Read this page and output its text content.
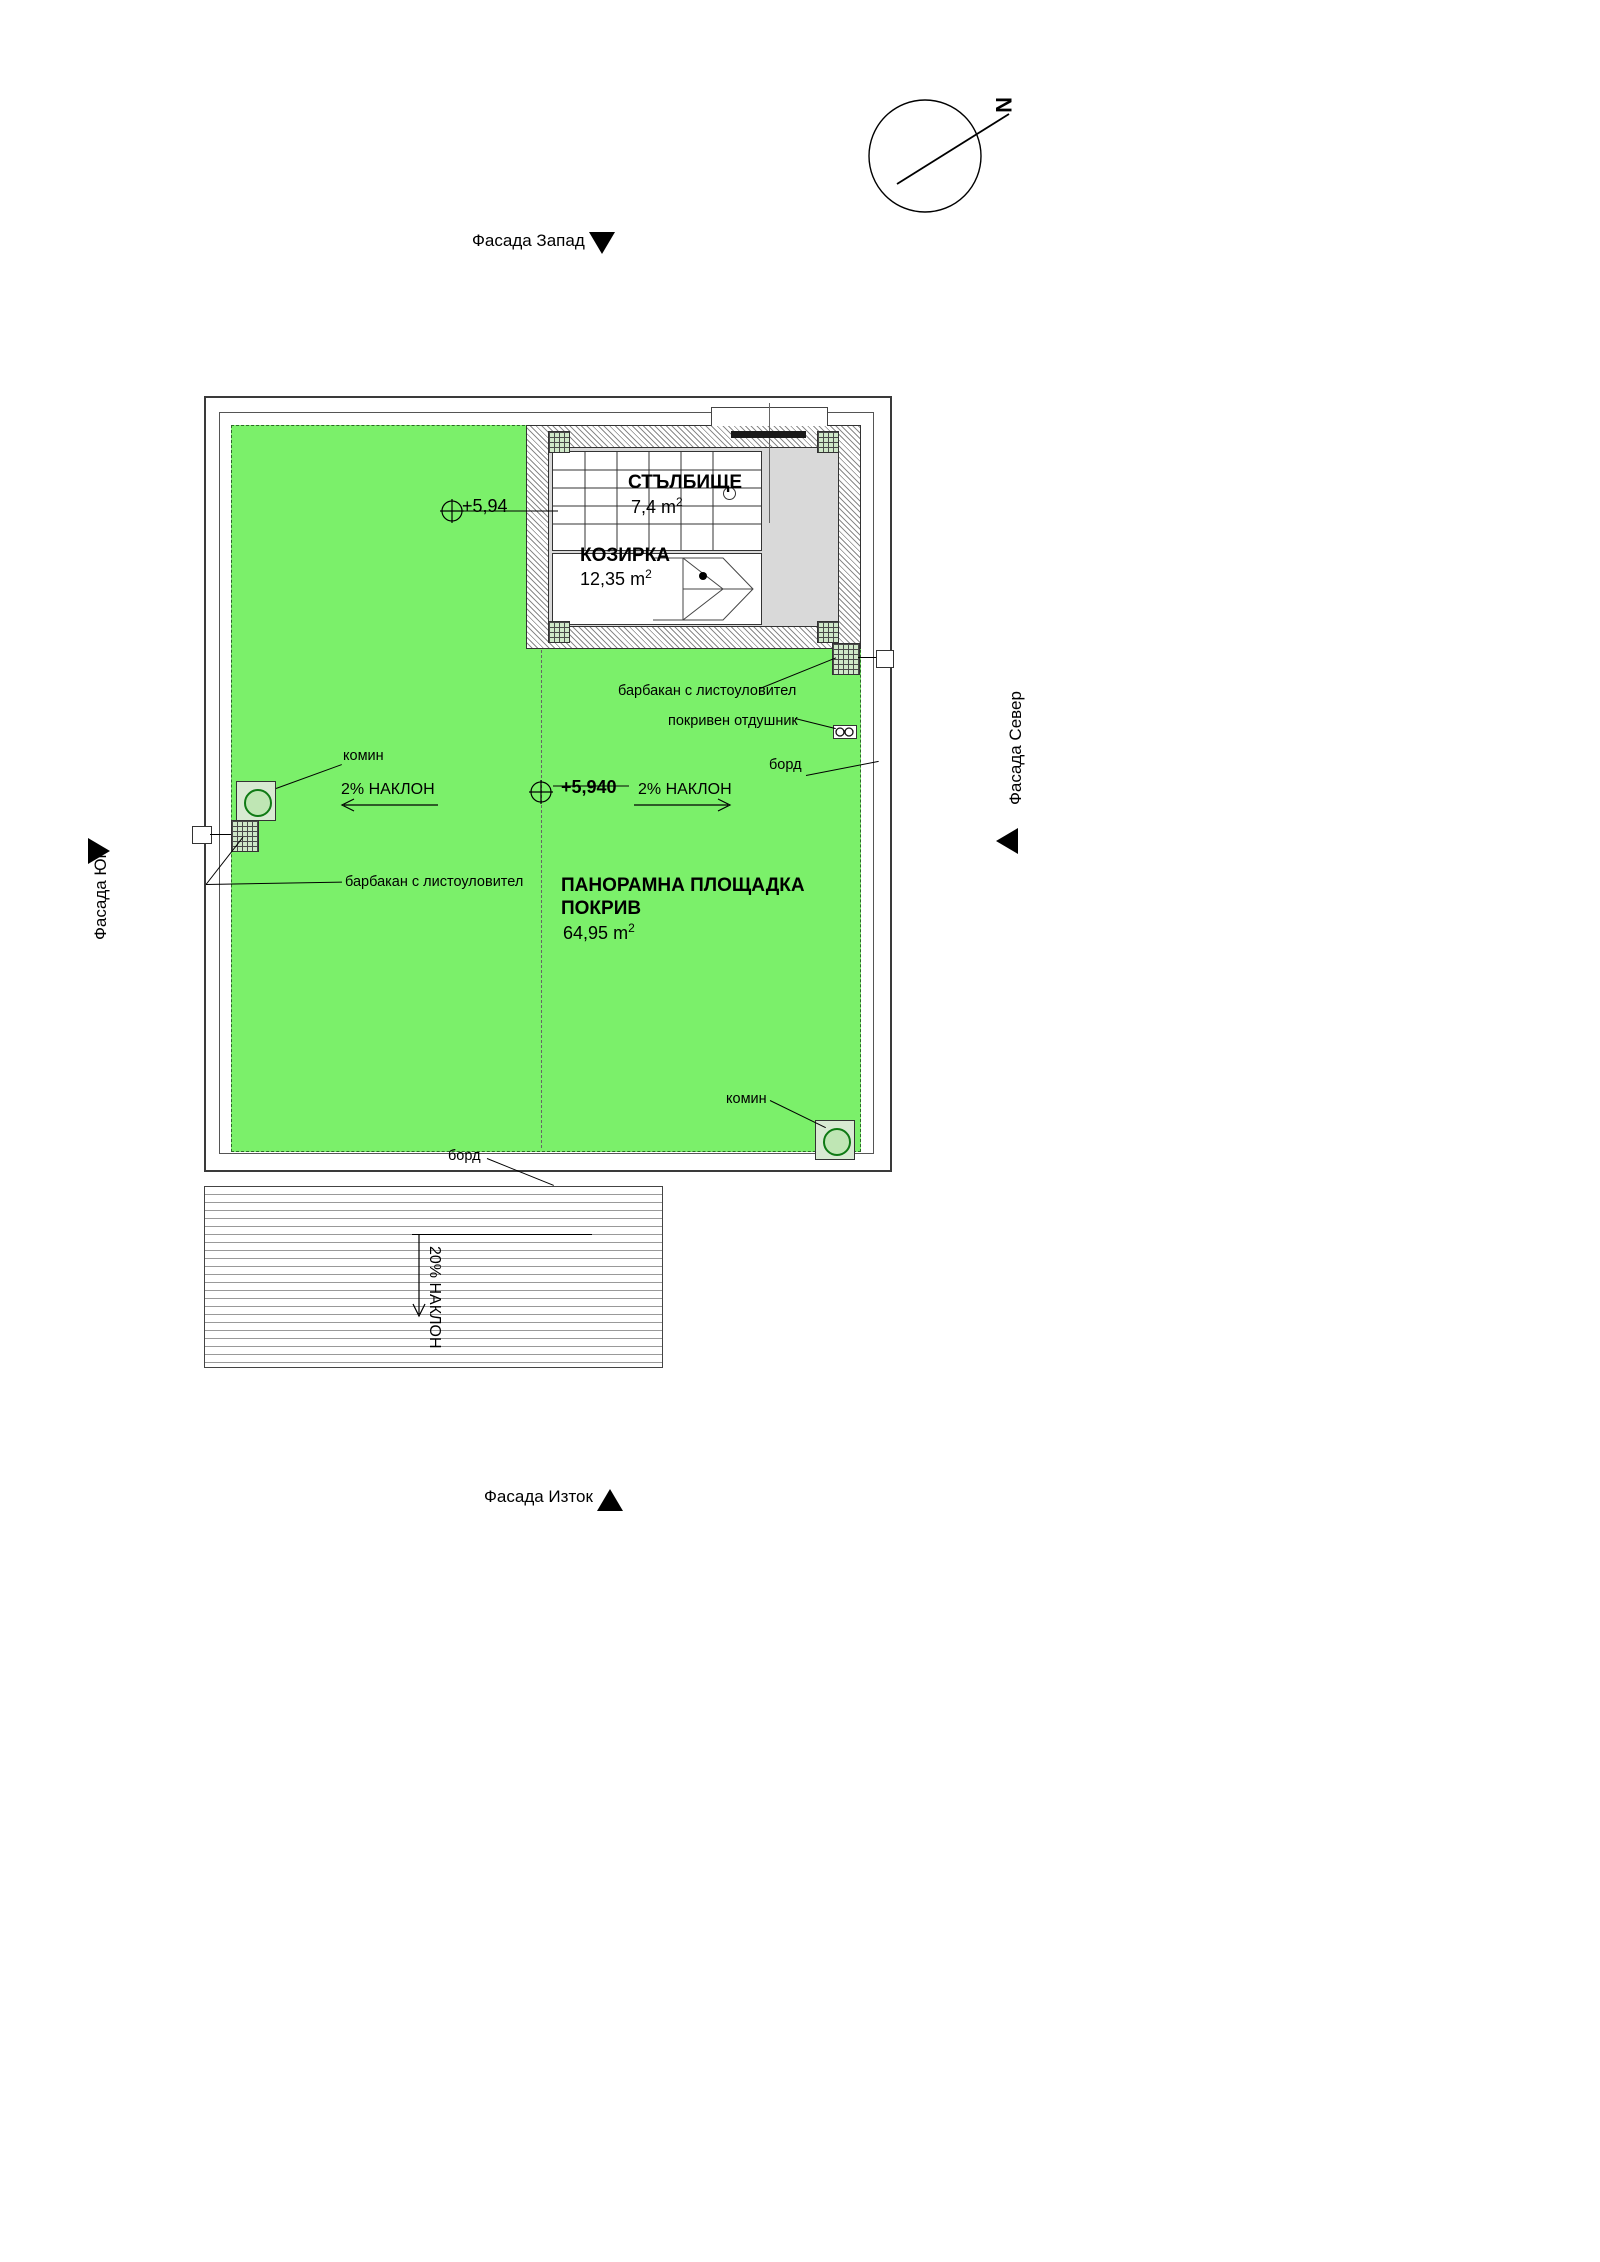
N
Фасада Запад
Фасада Север
Фасада Юг
Фасада Изток
СТЪЛБИЩЕ
7,4 $m^2$
КОЗИРКА
12,35 $m^2$
ПАНОРАМНА ПЛОЩАДКА
ПОКРИВ
64,95 $m^2$
+5,94
+5,940
2% НАКЛОН	2% НАКЛОН
комин
комин
барбакан с листоуловител
барбакан с листоуловител
покривен отдушник
борд
борд
20% НАКЛОН
